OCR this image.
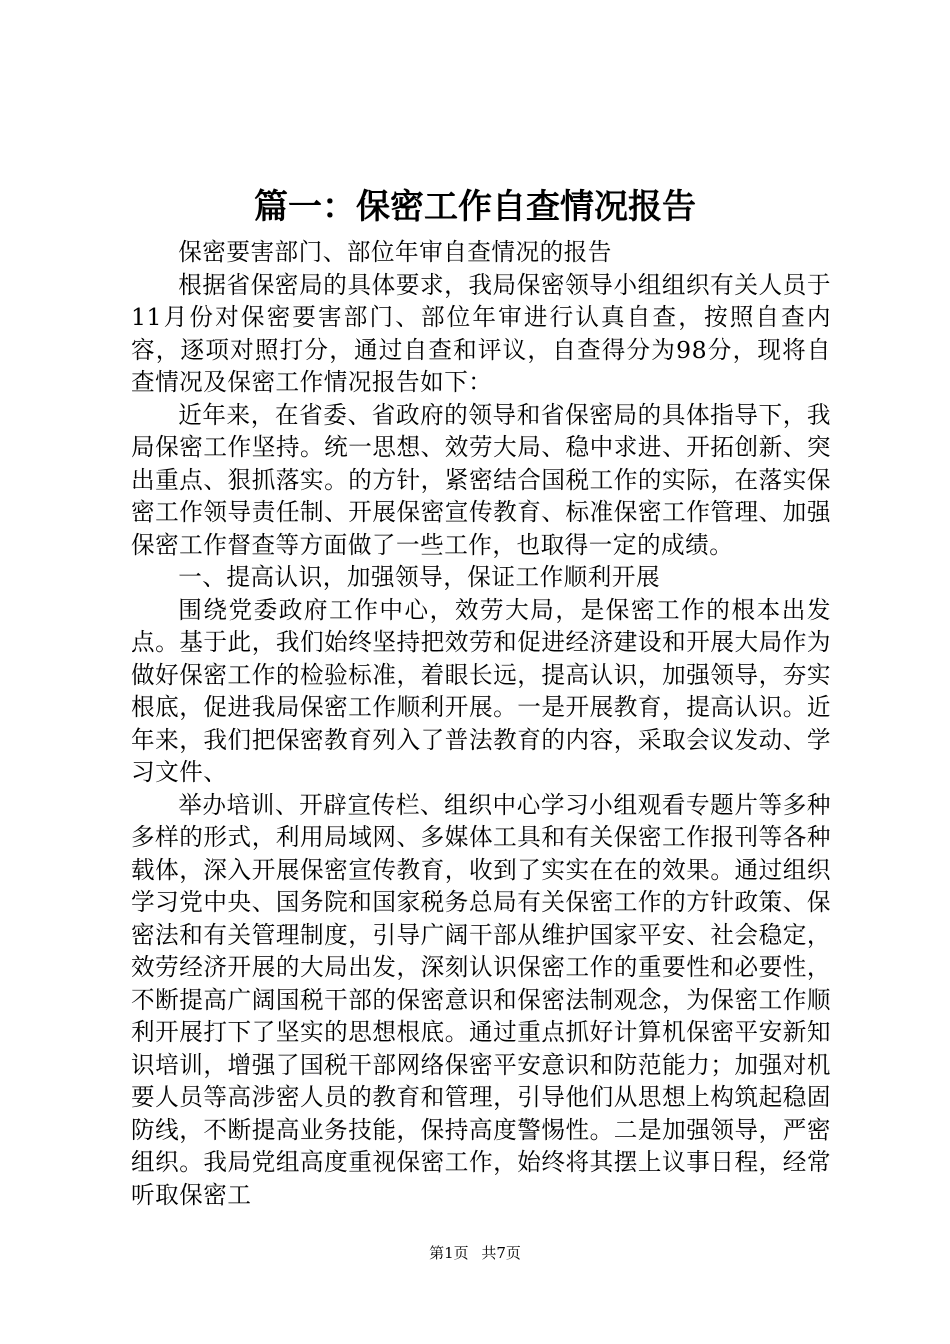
篇一：保密工作自查情况报告

保密要害部门、部位年审自查情况的报告

根据省保密局的具体要求，我局保密领导小组组织有关人员于11月份对保密要害部门、部位年审进行认真自查，按照自查内容，逐项对照打分，通过自查和评议，自查得分为98分，现将自查情况及保密工作情况报告如下：

近年来，在省委、省政府的领导和省保密局的具体指导下，我局保密工作坚持。统一思想、效劳大局、稳中求进、开拓创新、突出重点、狠抓落实。的方针，紧密结合国税工作的实际，在落实保密工作领导责任制、开展保密宣传教育、标准保密工作管理、加强保密工作督查等方面做了一些工作，也取得一定的成绩。

一、提高认识，加强领导，保证工作顺利开展

围绕党委政府工作中心，效劳大局，是保密工作的根本出发点。基于此，我们始终坚持把效劳和促进经济建设和开展大局作为做好保密工作的检验标准，着眼长远，提高认识，加强领导，夯实根底，促进我局保密工作顺利开展。一是开展教育，提高认识。近年来，我们把保密教育列入了普法教育的内容，采取会议发动、学习文件、

举办培训、开辟宣传栏、组织中心学习小组观看专题片等多种多样的形式，利用局域网、多媒体工具和有关保密工作报刊等各种载体，深入开展保密宣传教育，收到了实实在在的效果。通过组织学习党中央、国务院和国家税务总局有关保密工作的方针政策、保密法和有关管理制度，引导广阔干部从维护国家平安、社会稳定，效劳经济开展的大局出发，深刻认识保密工作的重要性和必要性，不断提高广阔国税干部的保密意识和保密法制观念，为保密工作顺利开展打下了坚实的思想根底。通过重点抓好计算机保密平安新知识培训，增强了国税干部网络保密平安意识和防范能力；加强对机要人员等高涉密人员的教育和管理，引导他们从思想上构筑起稳固防线，不断提高业务技能，保持高度警惕性。二是加强领导，严密组织。我局党组高度重视保密工作，始终将其摆上议事日程，经常听取保密工

第1页 共7页
